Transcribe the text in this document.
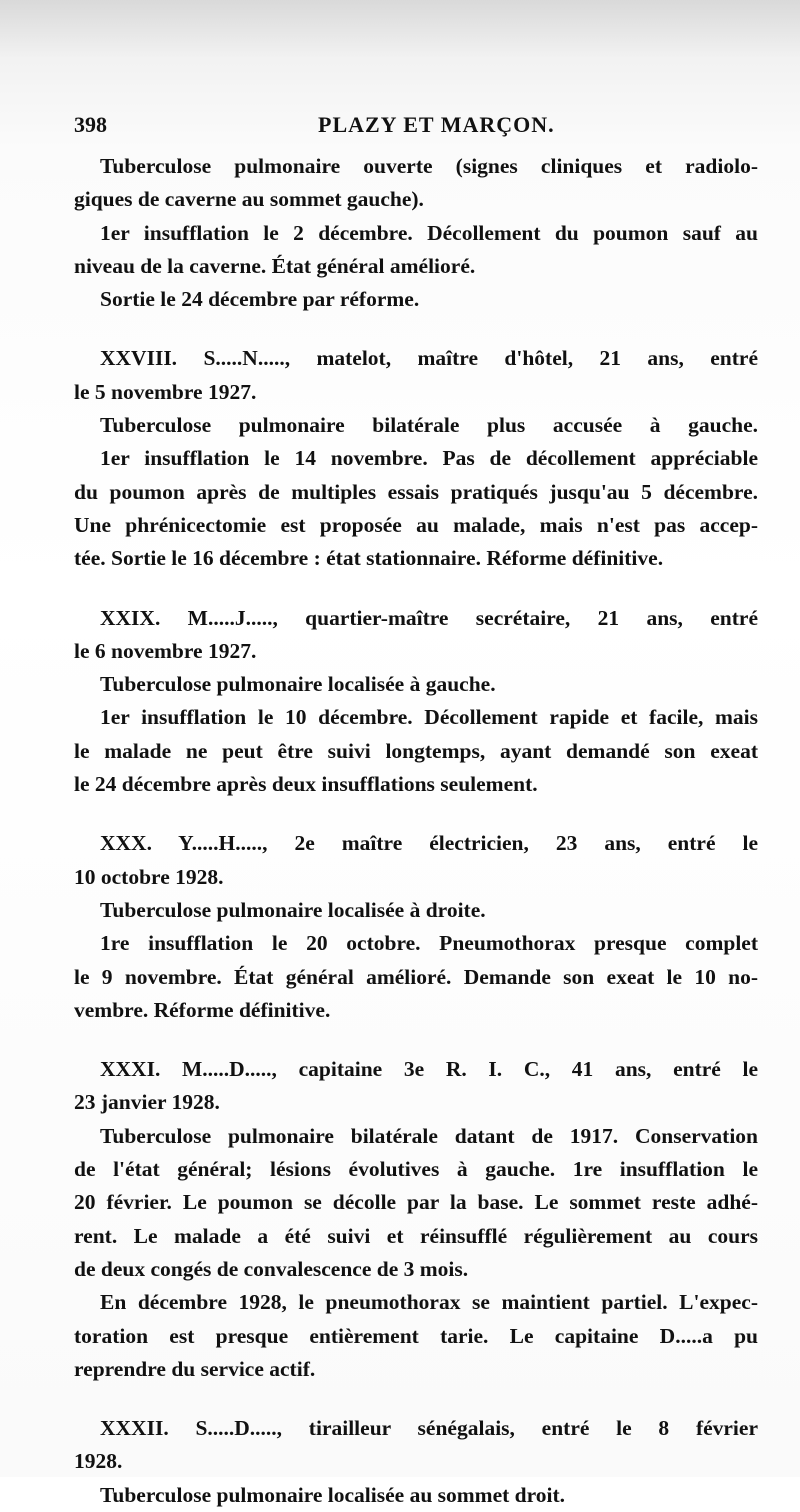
398	PLAZY ET MARÇON.
Tuberculose pulmonaire ouverte (signes cliniques et radiolo-
giques de caverne au sommet gauche).
1er insufflation le 2 décembre. Décollement du poumon sauf au
niveau de la caverne. État général amélioré.
Sortie le 24 décembre par réforme.
XXVIII. S.....N....., matelot, maître d'hôtel, 21 ans, entré
le 5 novembre 1927.
Tuberculose pulmonaire bilatérale plus accusée à gauche.
1er insufflation le 14 novembre. Pas de décollement appréciable
du poumon après de multiples essais pratiqués jusqu'au 5 décembre.
Une phrénicectomie est proposée au malade, mais n'est pas accep-
tée. Sortie le 16 décembre : état stationnaire. Réforme définitive.
XXIX. M.....J....., quartier-maître secrétaire, 21 ans, entré
le 6 novembre 1927.
Tuberculose pulmonaire localisée à gauche.
1er insufflation le 10 décembre. Décollement rapide et facile, mais
le malade ne peut être suivi longtemps, ayant demandé son exeat
le 24 décembre après deux insufflations seulement.
XXX. Y.....H....., 2e maître électricien, 23 ans, entré le
10 octobre 1928.
Tuberculose pulmonaire localisée à droite.
1re insufflation le 20 octobre. Pneumothorax presque complet
le 9 novembre. État général amélioré. Demande son exeat le 10 no-
vembre. Réforme définitive.
XXXI. M.....D....., capitaine 3e R. I. C., 41 ans, entré le
23 janvier 1928.
Tuberculose pulmonaire bilatérale datant de 1917. Conservation
de l'état général; lésions évolutives à gauche. 1re insufflation le
20 février. Le poumon se décolle par la base. Le sommet reste adhé-
rent. Le malade a été suivi et réinsufflé régulièrement au cours
de deux congés de convalescence de 3 mois.
En décembre 1928, le pneumothorax se maintient partiel. L'expec-
toration est presque entièrement tarie. Le capitaine D.....a pu
reprendre du service actif.
XXXII. S.....D....., tirailleur sénégalais, entré le 8 février
1928.
Tuberculose pulmonaire localisée au sommet droit.
